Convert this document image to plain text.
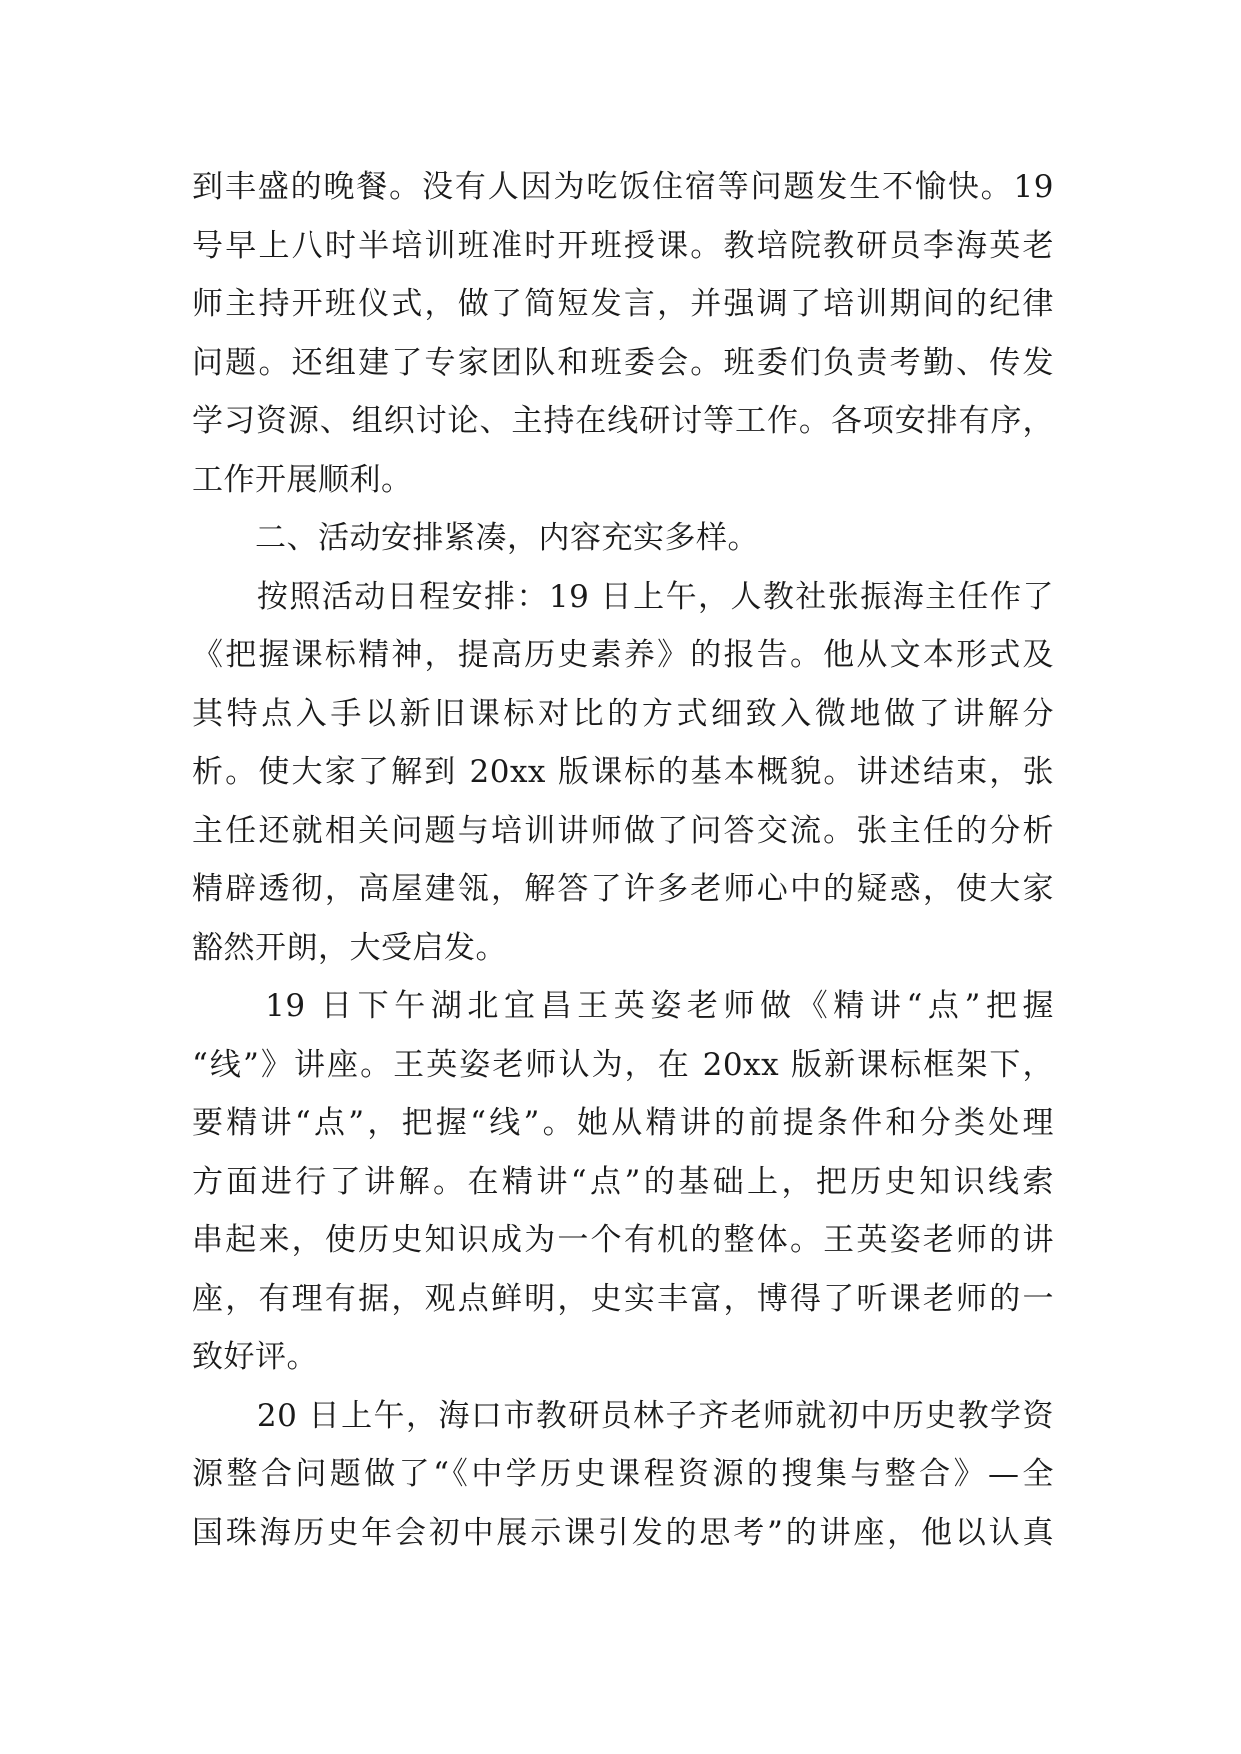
到丰盛的晚餐。没有人因为吃饭住宿等问题发生不愉快。19
号早上八时半培训班准时开班授课。教培院教研员李海英老
师主持开班仪式，做了简短发言，并强调了培训期间的纪律
问题。还组建了专家团队和班委会。班委们负责考勤、传发
学习资源、组织讨论、主持在线研讨等工作。各项安排有序，
工作开展顺利。
　　二、活动安排紧凑，内容充实多样。
　　按照活动日程安排：19 日上午，人教社张振海主任作了
《把握课标精神，提高历史素养》的报告。他从文本形式及
其特点入手以新旧课标对比的方式细致入微地做了讲解分
析。使大家了解到 20xx 版课标的基本概貌。讲述结束，张
主任还就相关问题与培训讲师做了问答交流。张主任的分析
精辟透彻，高屋建瓴，解答了许多老师心中的疑惑，使大家
豁然开朗，大受启发。
　　19 日下午湖北宜昌王英姿老师做《精讲“点”把握
“线”》讲座。王英姿老师认为，在 20xx 版新课标框架下，
要精讲“点”，把握“线”。她从精讲的前提条件和分类处理
方面进行了讲解。在精讲“点”的基础上，把历史知识线索
串起来，使历史知识成为一个有机的整体。王英姿老师的讲
座，有理有据，观点鲜明，史实丰富，博得了听课老师的一
致好评。
　　20 日上午，海口市教研员林子齐老师就初中历史教学资
源整合问题做了“《中学历史课程资源的搜集与整合》—全
国珠海历史年会初中展示课引发的思考”的讲座，他以认真
